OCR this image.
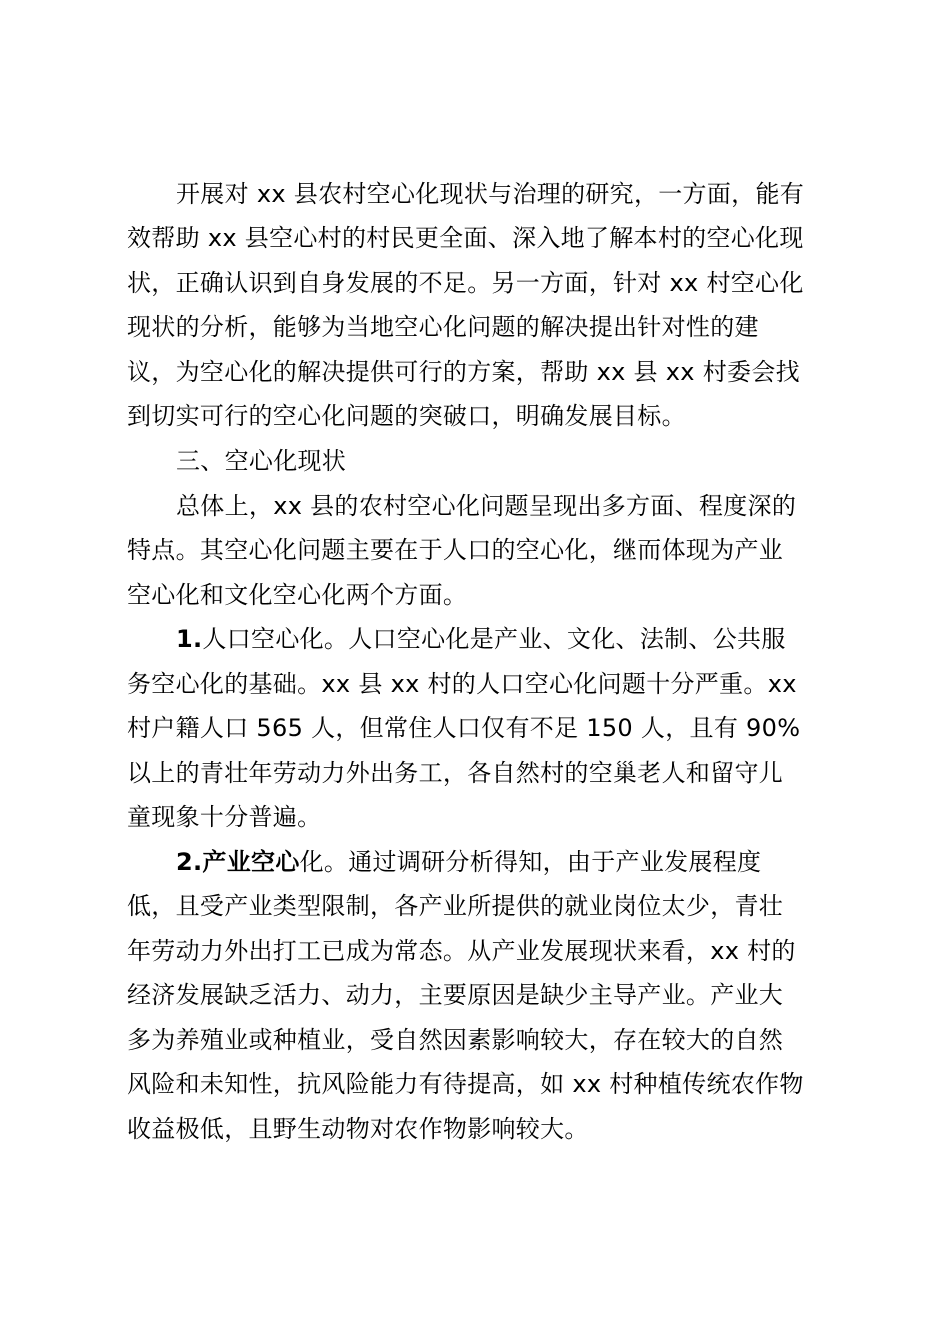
开展对 xx 县农村空心化现状与治理的研究，一方面，能有
效帮助 xx 县空心村的村民更全面、深入地了解本村的空心化现
状，正确认识到自身发展的不足。另一方面，针对 xx 村空心化
现状的分析，能够为当地空心化问题的解决提出针对性的建
议，为空心化的解决提供可行的方案，帮助 xx 县 xx 村委会找
到切实可行的空心化问题的突破口，明确发展目标。
三、空心化现状
总体上，xx 县的农村空心化问题呈现出多方面、程度深的
特点。其空心化问题主要在于人口的空心化，继而体现为产业
空心化和文化空心化两个方面。
1.人口空心化。人口空心化是产业、文化、法制、公共服
务空心化的基础。xx 县 xx 村的人口空心化问题十分严重。xx
村户籍人口 565 人，但常住人口仅有不足 150 人，且有 90%
以上的青壮年劳动力外出务工，各自然村的空巢老人和留守儿
童现象十分普遍。
2.产业空心化。通过调研分析得知，由于产业发展程度
低，且受产业类型限制，各产业所提供的就业岗位太少，青壮
年劳动力外出打工已成为常态。从产业发展现状来看，xx 村的
经济发展缺乏活力、动力，主要原因是缺少主导产业。产业大
多为养殖业或种植业，受自然因素影响较大，存在较大的自然
风险和未知性，抗风险能力有待提高，如 xx 村种植传统农作物
收益极低，且野生动物对农作物影响较大。
